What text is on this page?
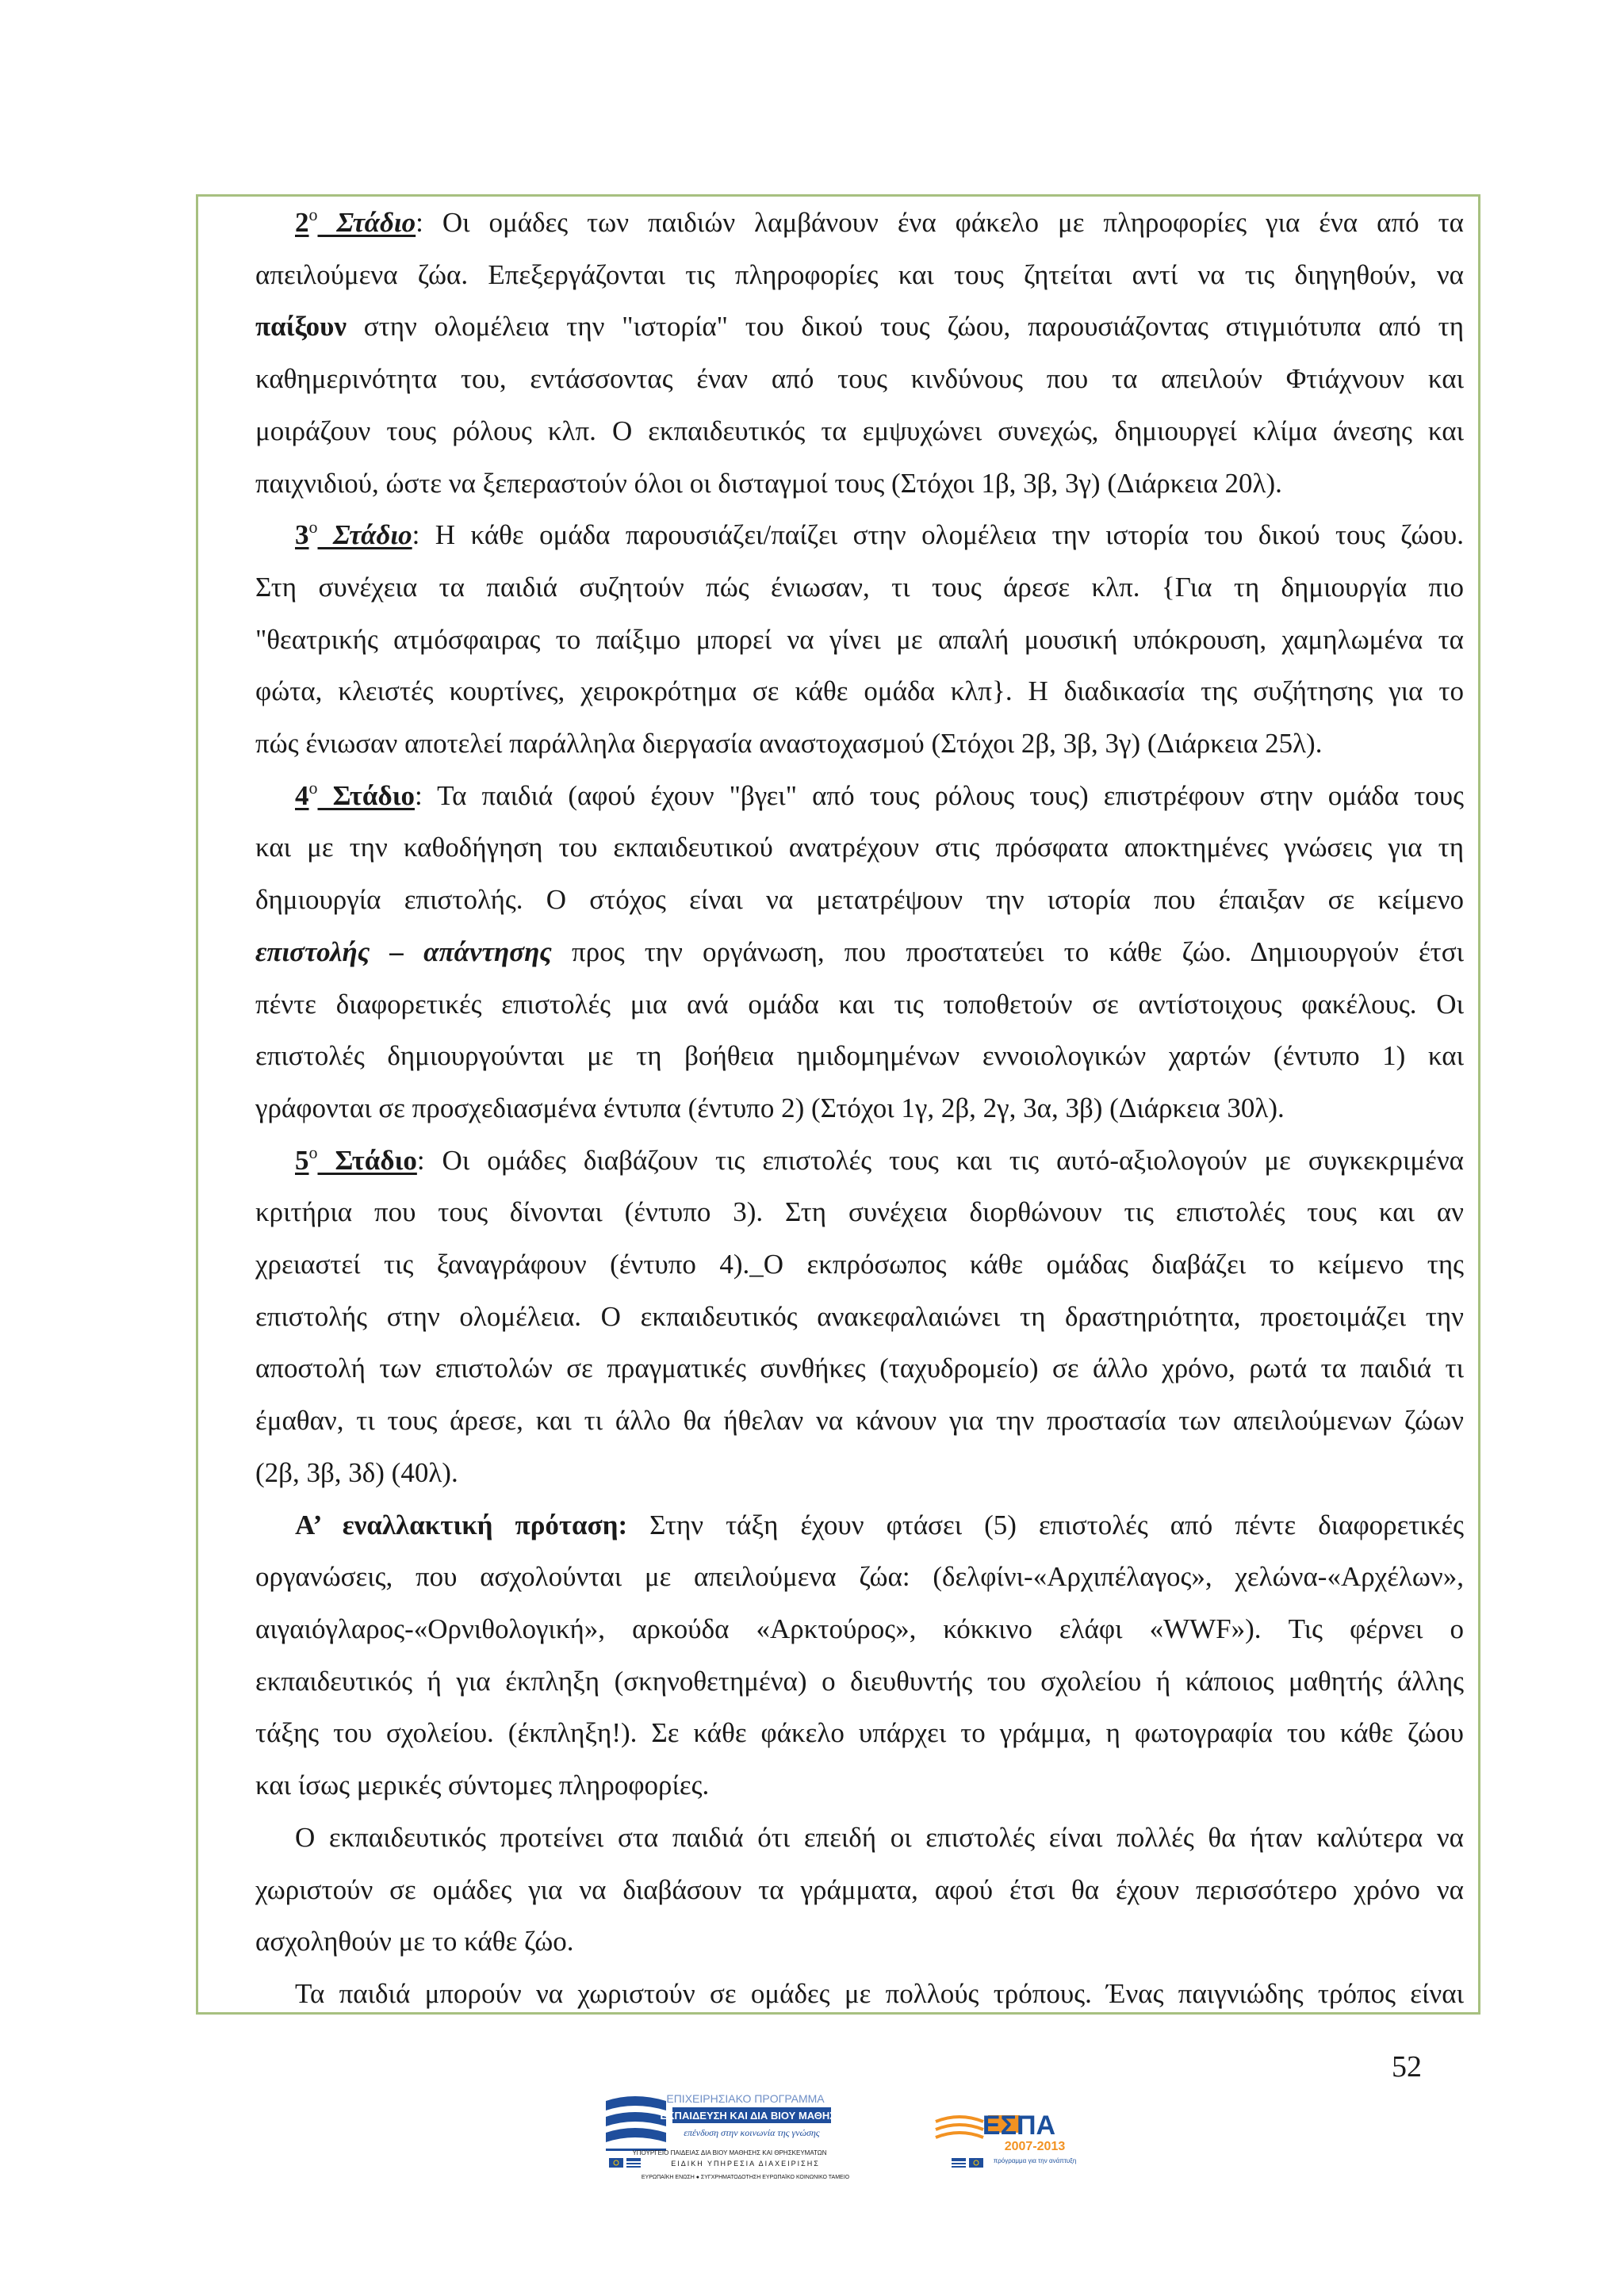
$2^o$ Στάδιο: Οι ομάδες των παιδιών λαμβάνουν ένα φάκελο με πληροφορίες για ένα από τα
απειλούμενα ζώα. Επεξεργάζονται τις πληροφορίες και τους ζητείται αντί να τις διηγηθούν, να
παίξουν στην ολομέλεια την "ιστορία" του δικού τους ζώου, παρουσιάζοντας στιγμιότυπα από τη
καθημερινότητα του, εντάσσοντας έναν από τους κινδύνους που τα απειλούν Φτιάχνουν και
μοιράζουν τους ρόλους κλπ. Ο εκπαιδευτικός τα εμψυχώνει συνεχώς, δημιουργεί κλίμα άνεσης και
παιχνιδιού, ώστε να ξεπεραστούν όλοι οι δισταγμοί τους (Στόχοι 1β, 3β, 3γ) (Διάρκεια 20λ).
$3^o$ Στάδιο: Η κάθε ομάδα παρουσιάζει/παίζει στην ολομέλεια την ιστορία του δικού τους ζώου.
Στη συνέχεια τα παιδιά συζητούν πώς ένιωσαν, τι τους άρεσε κλπ. {Για τη δημιουργία πιο
"θεατρικής ατμόσφαιρας το παίξιμο μπορεί να γίνει με απαλή μουσική υπόκρουση, χαμηλωμένα τα
φώτα, κλειστές κουρτίνες, χειροκρότημα σε κάθε ομάδα κλπ}. Η διαδικασία της συζήτησης για το
πώς ένιωσαν αποτελεί παράλληλα διεργασία αναστοχασμού (Στόχοι 2β, 3β, 3γ) (Διάρκεια 25λ).
$4^o$ Στάδιο: Τα παιδιά (αφού έχουν "βγει" από τους ρόλους τους) επιστρέφουν στην ομάδα τους
και με την καθοδήγηση του εκπαιδευτικού ανατρέχουν στις πρόσφατα αποκτημένες γνώσεις για τη
δημιουργία επιστολής. Ο στόχος είναι να μετατρέψουν την ιστορία που έπαιξαν σε κείμενο
επιστολής – απάντησης προς την οργάνωση, που προστατεύει το κάθε ζώο. Δημιουργούν έτσι
πέντε διαφορετικές επιστολές μια ανά ομάδα και τις τοποθετούν σε αντίστοιχους φακέλους. Οι
επιστολές δημιουργούνται με τη βοήθεια ημιδομημένων εννοιολογικών χαρτών (έντυπο 1) και
γράφονται σε προσχεδιασμένα έντυπα (έντυπο 2) (Στόχοι 1γ, 2β, 2γ, 3α, 3β) (Διάρκεια 30λ).
$5^o$ Στάδιο: Οι ομάδες διαβάζουν τις επιστολές τους και τις αυτό-αξιολογούν με συγκεκριμένα
κριτήρια που τους δίνονται (έντυπο 3). Στη συνέχεια διορθώνουν τις επιστολές τους και αν
χρειαστεί τις ξαναγράφουν (έντυπο 4)._Ο εκπρόσωπος κάθε ομάδας διαβάζει το κείμενο της
επιστολής στην ολομέλεια. Ο εκπαιδευτικός ανακεφαλαιώνει τη δραστηριότητα, προετοιμάζει την
αποστολή των επιστολών σε πραγματικές συνθήκες (ταχυδρομείο) σε άλλο χρόνο, ρωτά τα παιδιά τι
έμαθαν, τι τους άρεσε, και τι άλλο θα ήθελαν να κάνουν για την προστασία των απειλούμενων ζώων
(2β, 3β, 3δ) (40λ).
Α’ εναλλακτική πρόταση: Στην τάξη έχουν φτάσει (5) επιστολές από πέντε διαφορετικές
οργανώσεις, που ασχολούνται με απειλούμενα ζώα: (δελφίνι-«Αρχιπέλαγος», χελώνα-«Αρχέλων»,
αιγαιόγλαρος-«Ορνιθολογική», αρκούδα «Αρκτούρος», κόκκινο ελάφι «WWF»). Τις φέρνει ο
εκπαιδευτικός ή για έκπληξη (σκηνοθετημένα) ο διευθυντής του σχολείου ή κάποιος μαθητής άλλης
τάξης του σχολείου. (έκπληξη!). Σε κάθε φάκελο υπάρχει το γράμμα, η φωτογραφία του κάθε ζώου
και ίσως μερικές σύντομες πληροφορίες.
Ο εκπαιδευτικός προτείνει στα παιδιά ότι επειδή οι επιστολές είναι πολλές θα ήταν καλύτερα να
χωριστούν σε ομάδες για να διαβάσουν τα γράμματα, αφού έτσι θα έχουν περισσότερο χρόνο να
ασχοληθούν με το κάθε ζώο.
Τα παιδιά μπορούν να χωριστούν σε ομάδες με πολλούς τρόπους. Ένας παιγνιώδης τρόπος είναι
52
ΕΠΙΧΕΙΡΗΣΙΑΚΟ ΠΡΟΓΡΑΜΜΑ
ΕΚΠΑΙΔΕΥΣΗ ΚΑΙ ΔΙΑ ΒΙΟΥ ΜΑΘΗΣΗ
επένδυση στην κοινωνία της γνώσης
ΥΠΟΥΡΓΕΙΟ ΠΑΙΔΕΙΑΣ ΔΙΑ ΒΙΟΥ ΜΑΘΗΣΗΣ ΚΑΙ ΘΡΗΣΚΕΥΜΑΤΩΝ
ΕΙΔΙΚΗ ΥΠΗΡΕΣΙΑ ΔΙΑΧΕΙΡΙΣΗΣ
ΕΥΡΩΠΑΪΚΗ ΕΝΩΣΗ ● ΣΥΓΧΡΗΜΑΤΟΔΟΤΗΣΗ ΕΥΡΩΠΑΪΚΟ ΚΟΙΝΩΝΙΚΟ ΤΑΜΕΙΟ
ΕΣΠΑ
2007-2013
πρόγραμμα για την ανάπτυξη
